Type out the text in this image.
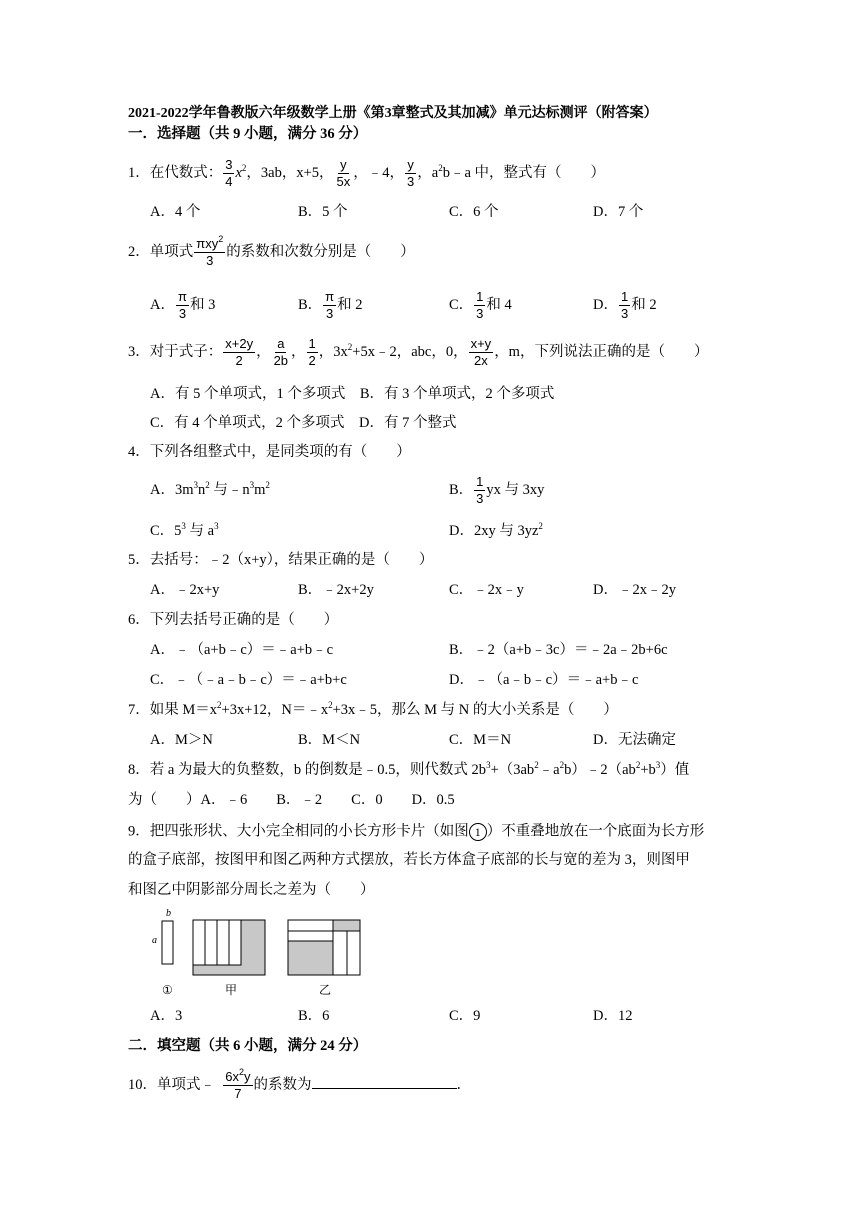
2021-2022学年鲁教版六年级数学上册《第3章整式及其加减》单元达标测评（附答案）
一．选择题（共 9 小题，满分 36 分）
1．在代数式： $\frac{3}{4} x^2$，3ab，x+5， $\frac{y}{5x}$ ，﹣4， $\frac{y}{3}$ ，$a^2b﹣a$ 中，整式有（　　）
A．4 个	B．5 个	C．6 个	D．7 个
2．单项式 $\frac{\pi xy^2}{3}$ 的系数和次数分别是（　　）
A． $\frac{\pi}{3}$ 和 3	B． $\frac{\pi}{3}$ 和 2	C． $\frac{1}{3}$ 和 4	D． $\frac{1}{3}$ 和 2
3．对于式子： $\frac{x+2y}{2}$ ， $\frac{a}{2b}$ ， $\frac{1}{2}$ ，$3x^2+5x﹣2$，abc，0， $\frac{x+y}{2x}$ ，m，下列说法正确的是（　　）
A．有 5 个单项式，1 个多项式　B．有 3 个单项式，2 个多项式
C．有 4 个单项式，2 个多项式　D．有 7 个整式
4．下列各组整式中，是同类项的有（　　）
A．$3m^3n^2$ 与$﹣n^3m^2$	B． $\frac{1}{3}$ yx 与 3xy
C．$5^3$ 与 $a^3$	D．2xy 与 $3yz^2$
5．去括号：﹣2（x+y），结果正确的是（　　）
A．﹣2x+y	B．﹣2x+2y	C．﹣2x﹣y	D．﹣2x﹣2y
6．下列去括号正确的是（　　）
A．﹣（a+b﹣c）＝﹣a+b﹣c	B．﹣2（a+b﹣3c）＝﹣2a﹣2b+6c
C．﹣（﹣a﹣b﹣c）＝﹣a+b+c	D．﹣（a﹣b﹣c）＝﹣a+b﹣c
7．如果 $M=x^2+3x+12$，$N=﹣x^2+3x﹣5$，那么 M 与 N 的大小关系是（　　）
A．M＞N	B．M＜N	C．M＝N	D．无法确定
8．若 a 为最大的负整数，b 的倒数是﹣0.5，则代数式 $2b^3+(3ab^2﹣a^2b)﹣2(ab^2+b^3)$值
为（　　）A．﹣6　　B．﹣2　　C．0　　D．0.5
9．把四张形状、大小完全相同的小长方形卡片（如图 1 ）不重叠地放在一个底面为长方形
的盒子底部，按图甲和图乙两种方式摆放，若长方体盒子底部的长与宽的差为 3，则图甲
和图乙中阴影部分周长之差为（　　）
b
a
①	甲	乙
A．3	B．6	C．9	D．12
二．填空题（共 6 小题，满分 24 分）
10．单项式﹣ $\frac{6x^2y}{7}$ 的系数为	．
